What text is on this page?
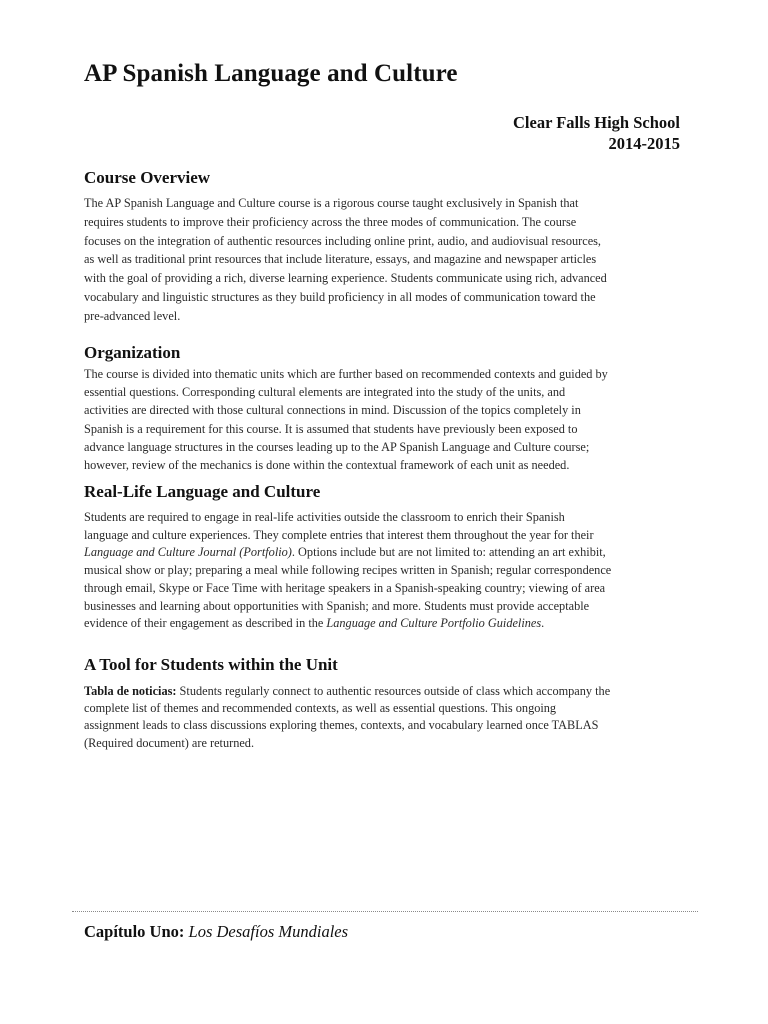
AP Spanish Language and Culture
Clear Falls High School
2014-2015
Course Overview

The AP Spanish Language and Culture course is a rigorous course taught exclusively in Spanish that
requires students to improve their proficiency across the three modes of communication. The course
focuses on the integration of authentic resources including online print, audio, and audiovisual resources,
as well as traditional print resources that include literature, essays, and magazine and newspaper articles
with the goal of providing a rich, diverse learning experience. Students communicate using rich, advanced
vocabulary and linguistic structures as they build proficiency in all modes of communication toward the
pre-advanced level.

Organization

The course is divided into thematic units which are further based on recommended contexts and guided by
essential questions. Corresponding cultural elements are integrated into the study of the units, and
activities are directed with those cultural connections in mind. Discussion of the topics completely in
Spanish is a requirement for this course. It is assumed that students have previously been exposed to
advance language structures in the courses leading up to the AP Spanish Language and Culture course;
however, review of the mechanics is done within the contextual framework of each unit as needed.

Real-Life Language and Culture

Students are required to engage in real-life activities outside the classroom to enrich their Spanish
language and culture experiences. They complete entries that interest them throughout the year for their
Language and Culture Journal (Portfolio). Options include but are not limited to: attending an art exhibit,
musical show or play; preparing a meal while following recipes written in Spanish; regular correspondence
through email, Skype or Face Time with heritage speakers in a Spanish-speaking country; viewing of area
businesses and learning about opportunities with Spanish; and more. Students must provide acceptable
evidence of their engagement as described in the Language and Culture Portfolio Guidelines.

A Tool for Students within the Unit

Tabla de noticias: Students regularly connect to authentic resources outside of class which accompany the
complete list of themes and recommended contexts, as well as essential questions. This ongoing
assignment leads to class discussions exploring themes, contexts, and vocabulary learned once TABLAS
(Required document) are returned.

Capítulo Uno: Los Desafíos Mundiales
